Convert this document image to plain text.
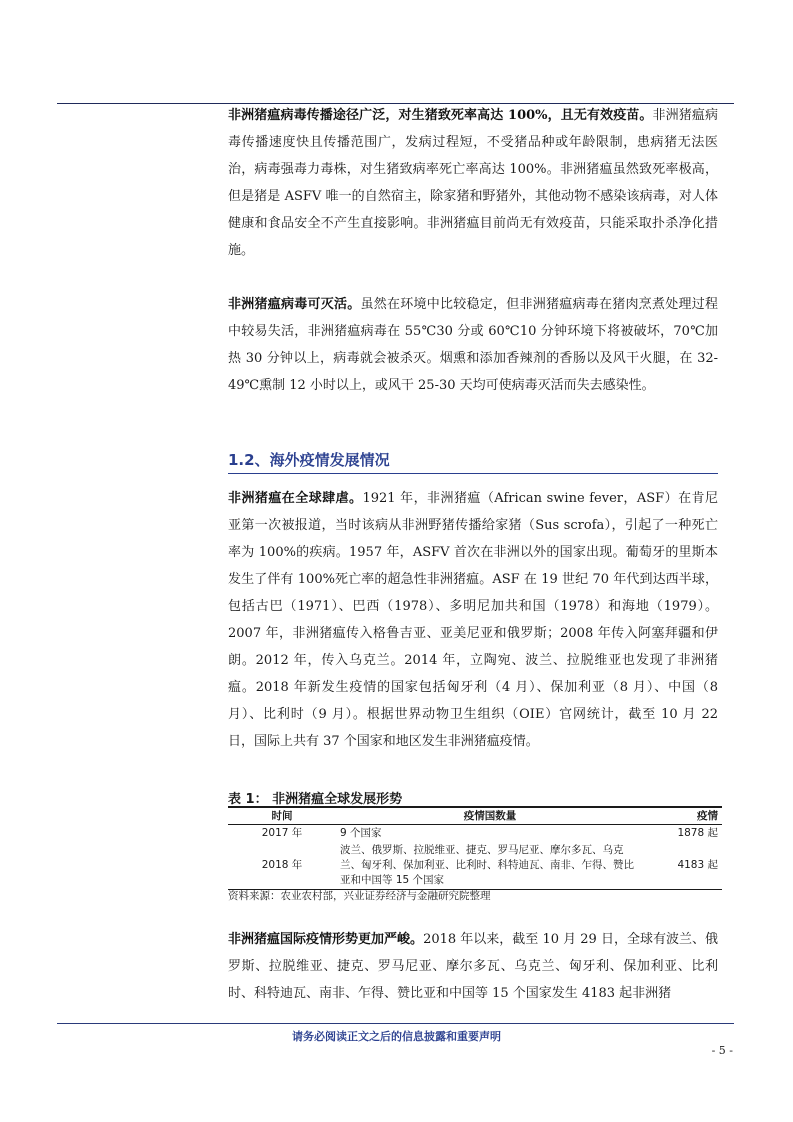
非洲猪瘟病毒传播途径广泛，对生猪致死率高达 100%，且无有效疫苗。非洲猪瘟病毒传播速度快且传播范围广，发病过程短，不受猪品种或年龄限制，患病猪无法医治，病毒强毒力毒株，对生猪致病率死亡率高达 100%。非洲猪瘟虽然致死率极高，但是猪是 ASFV 唯一的自然宿主，除家猪和野猪外，其他动物不感染该病毒，对人体健康和食品安全不产生直接影响。非洲猪瘟目前尚无有效疫苗，只能采取扑杀净化措施。

非洲猪瘟病毒可灭活。虽然在环境中比较稳定，但非洲猪瘟病毒在猪肉烹煮处理过程中较易失活，非洲猪瘟病毒在 55℃30 分或 60℃10 分钟环境下将被破坏，70℃加热 30 分钟以上，病毒就会被杀灭。烟熏和添加香辣剂的香肠以及风干火腿，在 32-49℃熏制 12 小时以上，或风干 25-30 天均可使病毒灭活而失去感染性。

1.2、海外疫情发展情况

非洲猪瘟在全球肆虐。1921 年，非洲猪瘟（African swine fever，ASF）在肯尼亚第一次被报道，当时该病从非洲野猪传播给家猪（Sus scrofa），引起了一种死亡率为 100%的疾病。1957 年，ASFV 首次在非洲以外的国家出现。葡萄牙的里斯本发生了伴有 100%死亡率的超急性非洲猪瘟。ASF 在 19 世纪 70 年代到达西半球，包括古巴（1971）、巴西（1978）、多明尼加共和国（1978）和海地（1979）。2007 年，非洲猪瘟传入格鲁吉亚、亚美尼亚和俄罗斯；2008 年传入阿塞拜疆和伊朗。2012 年，传入乌克兰。2014 年，立陶宛、波兰、拉脱维亚也发现了非洲猪瘟。2018 年新发生疫情的国家包括匈牙利（4 月）、保加利亚（8 月）、中国（8 月）、比利时（9 月）。根据世界动物卫生组织（OIE）官网统计，截至 10 月 22 日，国际上共有 37 个国家和地区发生非洲猪瘟疫情。

表 1： 非洲猪瘟全球发展形势

时间	疫情国数量	疫情
2017 年	9 个国家	1878 起
2018 年	波兰、俄罗斯、拉脱维亚、捷克、罗马尼亚、摩尔多瓦、乌克兰、匈牙利、保加利亚、比利时、科特迪瓦、南非、乍得、赞比亚和中国等 15 个国家	4183 起

资料来源：农业农村部，兴业证券经济与金融研究院整理

非洲猪瘟国际疫情形势更加严峻。2018 年以来，截至 10 月 29 日，全球有波兰、俄罗斯、拉脱维亚、捷克、罗马尼亚、摩尔多瓦、乌克兰、匈牙利、保加利亚、比利时、科特迪瓦、南非、乍得、赞比亚和中国等 15 个国家发生 4183 起非洲猪

请务必阅读正文之后的信息披露和重要声明

- 5 -
